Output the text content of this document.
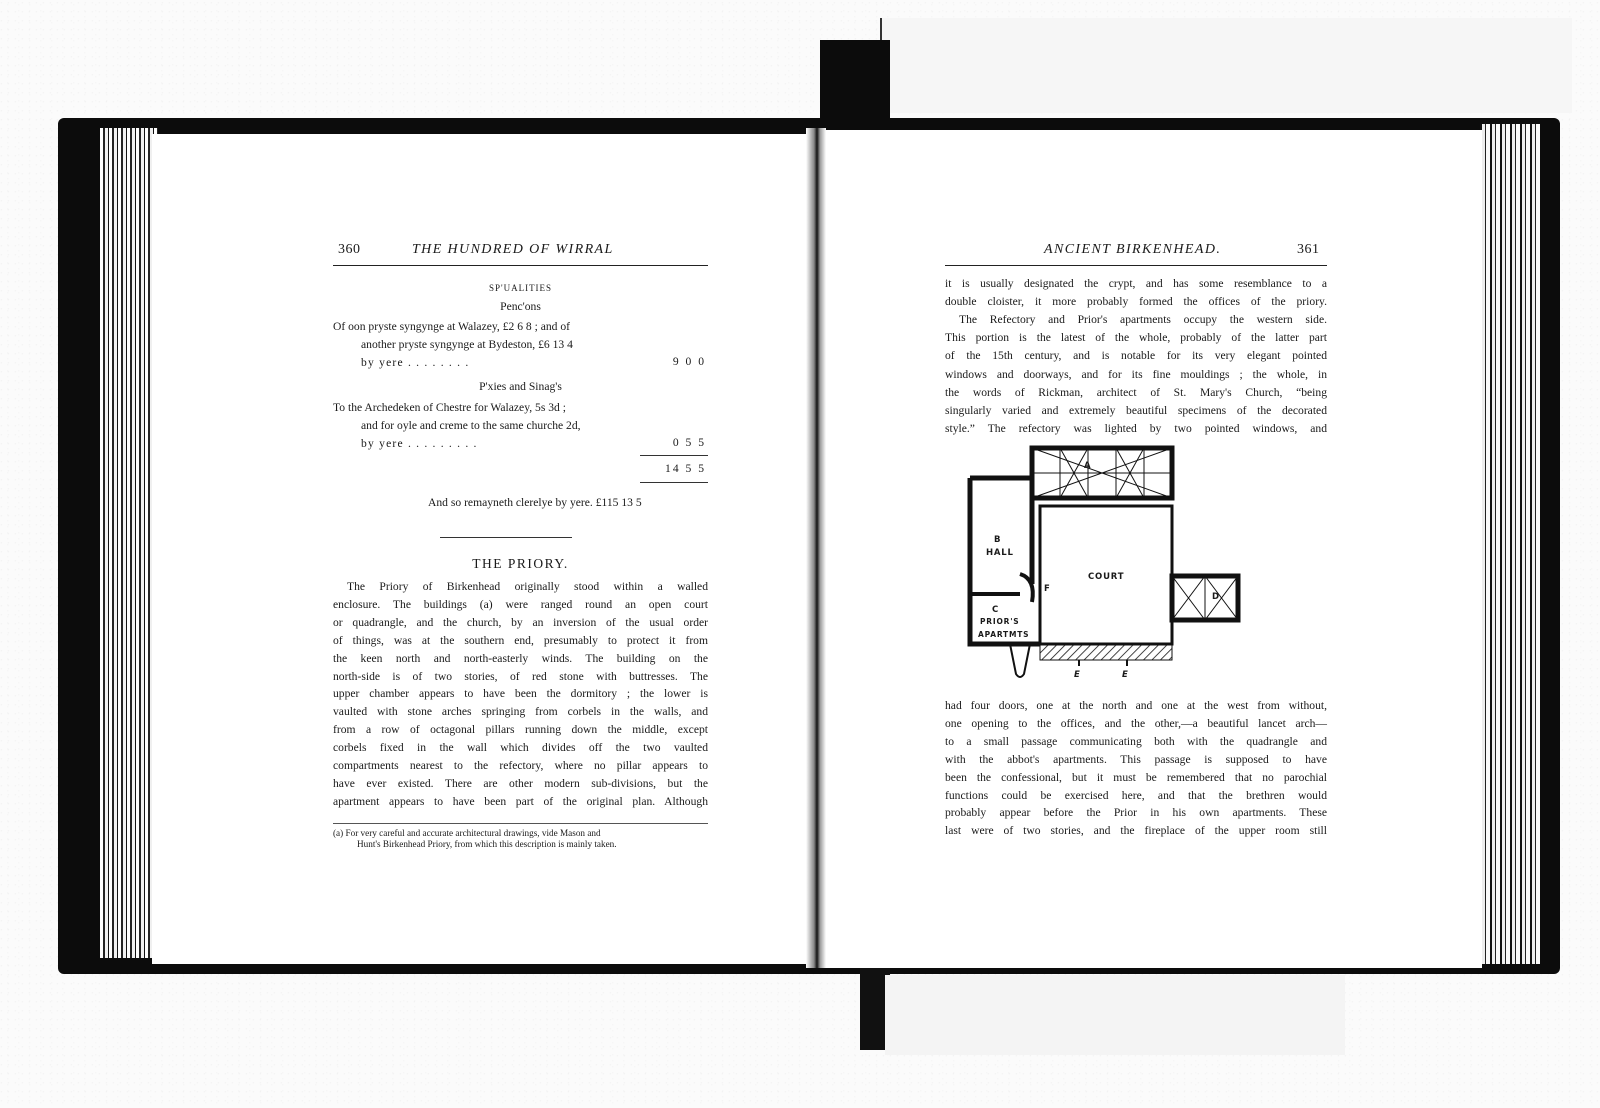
360	THE HUNDRED OF WIRRAL
SP'UALITIES
Penc'ons
Of oon pryste syngynge at Walazey, £2 6 8 ; and of
another pryste syngynge at Bydeston, £6 13 4
by yere . . . . . . . .	9 0 0
P'xies and Sinag's
To the Archedeken of Chestre for Walazey, 5s 3d ;
and for oyle and creme to the same churche 2d,
by yere . . . . . . . . .	0 5 5
14 5 5
And so remayneth clerelye by yere. £115 13 5
THE PRIORY.
The Priory of Birkenhead originally stood within a walled
enclosure. The buildings (a) were ranged round an open court
or quadrangle, and the church, by an inversion of the usual order
of things, was at the southern end, presumably to protect it from
the keen north and north-easterly winds. The building on the
north-side is of two stories, of red stone with buttresses. The
upper chamber appears to have been the dormitory ; the lower is
vaulted with stone arches springing from corbels in the walls, and
from a row of octagonal pillars running down the middle, except
corbels fixed in the wall which divides off the two vaulted
compartments nearest to the refectory, where no pillar appears to
have ever existed. There are other modern sub-divisions, but the
apartment appears to have been part of the original plan. Although
(a) For very careful and accurate architectural drawings, vide Mason and
Hunt's Birkenhead Priory, from which this description is mainly taken.
ANCIENT BIRKENHEAD.	361
it is usually designated the crypt, and has some resemblance to a
double cloister, it more probably formed the offices of the priory.
The Refectory and Prior's apartments occupy the western side.
This portion is the latest of the whole, probably of the latter part
of the 15th century, and is notable for its very elegant pointed
windows and doorways, and for its fine mouldings ; the whole, in
the words of Rickman, architect of St. Mary's Church, “being
singularly varied and extremely beautiful specimens of the decorated
style.” The refectory was lighted by two pointed windows, and
A
B
HALL
COURT
F
C
PRIOR'S
APARTMTS
D
E	E
had four doors, one at the north and one at the west from without,
one opening to the offices, and the other,—a beautiful lancet arch—
to a small passage communicating both with the quadrangle and
with the abbot's apartments. This passage is supposed to have
been the confessional, but it must be remembered that no parochial
functions could be exercised here, and that the brethren would
probably appear before the Prior in his own apartments. These
last were of two stories, and the fireplace of the upper room still
